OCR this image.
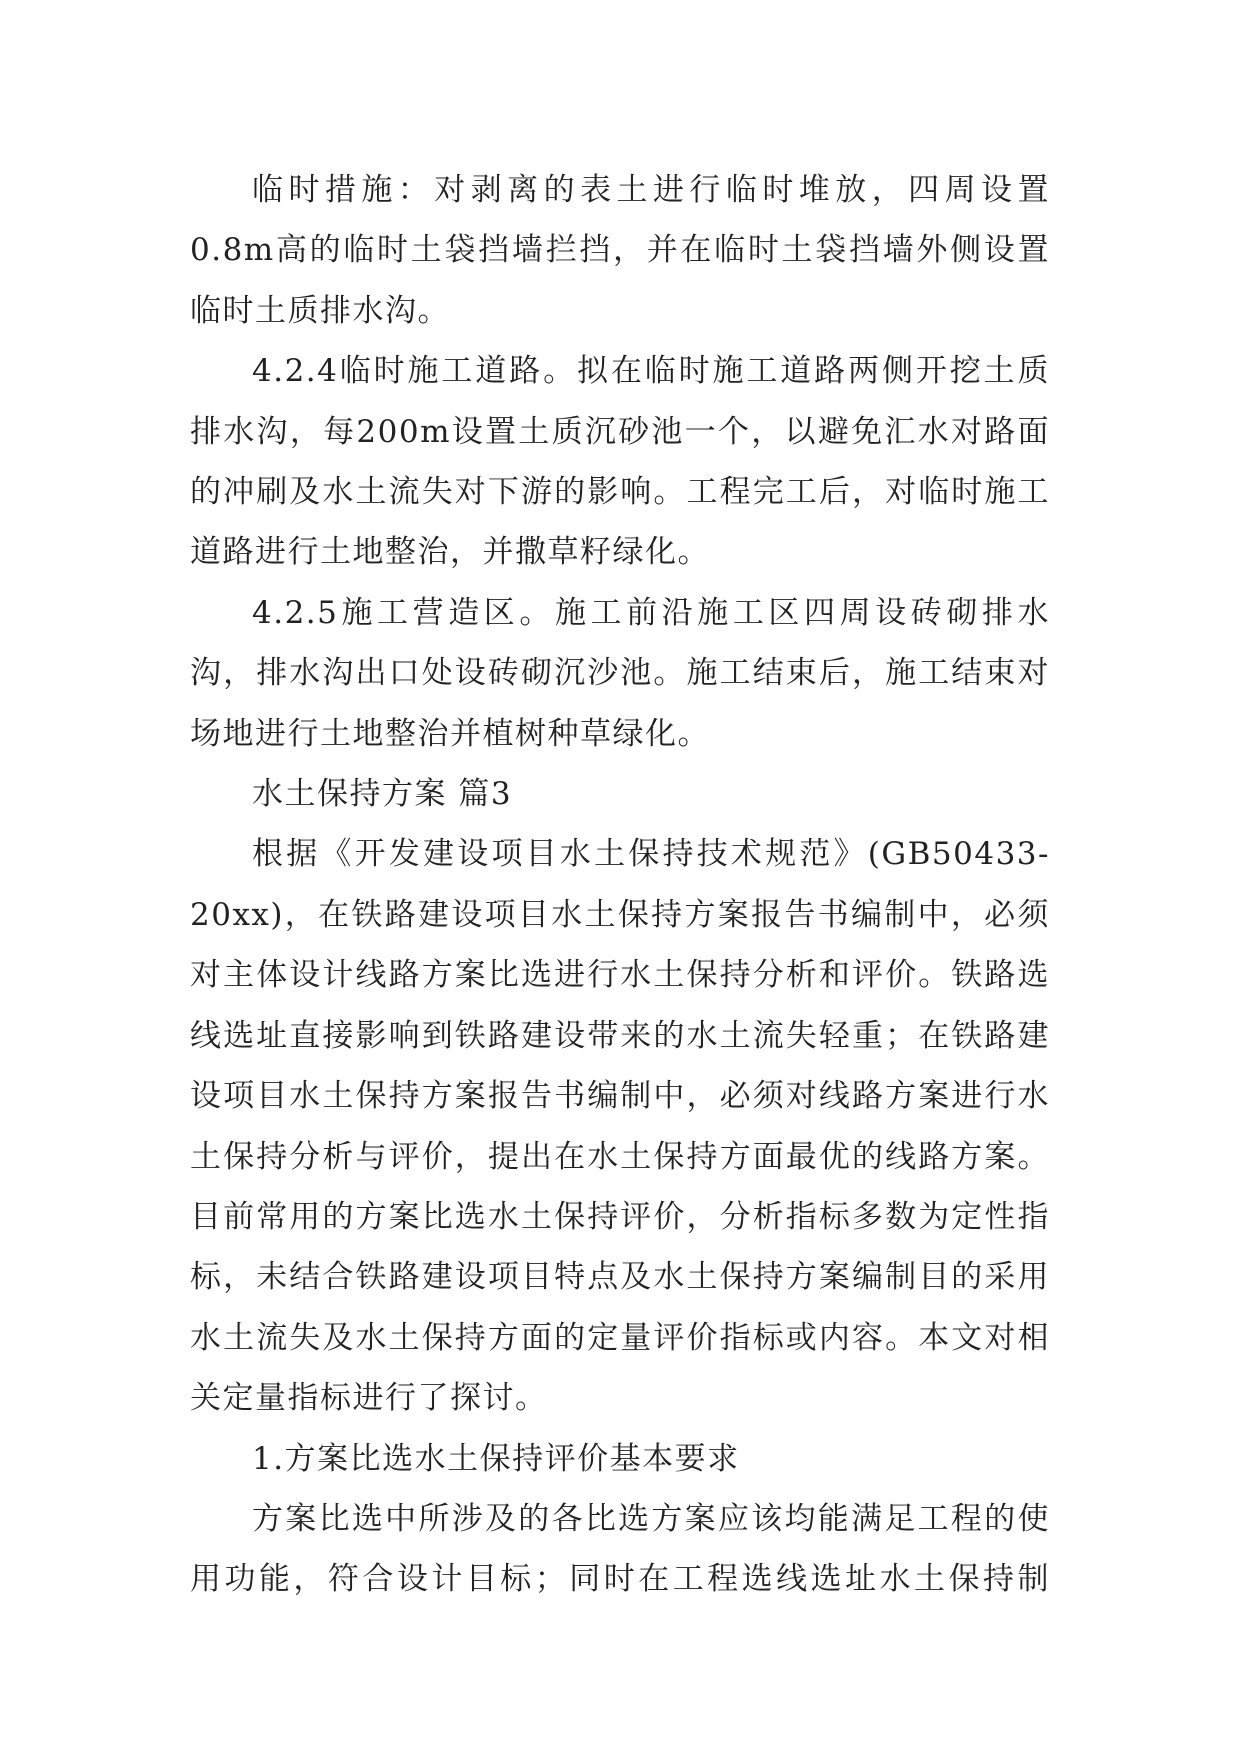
临时措施：对剥离的表土进行临时堆放，四周设置0.8m高的临时土袋挡墙拦挡，并在临时土袋挡墙外侧设置临时土质排水沟。

4.2.4临时施工道路。拟在临时施工道路两侧开挖土质排水沟，每200m设置土质沉砂池一个，以避免汇水对路面的冲刷及水土流失对下游的影响。工程完工后，对临时施工道路进行土地整治，并撒草籽绿化。

4.2.5施工营造区。施工前沿施工区四周设砖砌排水沟，排水沟出口处设砖砌沉沙池。施工结束后，施工结束对场地进行土地整治并植树种草绿化。

水土保持方案 篇3

根据《开发建设项目水土保持技术规范》(GB50433-20xx)，在铁路建设项目水土保持方案报告书编制中，必须对主体设计线路方案比选进行水土保持分析和评价。铁路选线选址直接影响到铁路建设带来的水土流失轻重；在铁路建设项目水土保持方案报告书编制中，必须对线路方案进行水土保持分析与评价，提出在水土保持方面最优的线路方案。目前常用的方案比选水土保持评价，分析指标多数为定性指标，未结合铁路建设项目特点及水土保持方案编制目的采用水土流失及水土保持方面的定量评价指标或内容。本文对相关定量指标进行了探讨。

1.方案比选水土保持评价基本要求

方案比选中所涉及的各比选方案应该均能满足工程的使用功能，符合设计目标；同时在工程选线选址水土保持制
